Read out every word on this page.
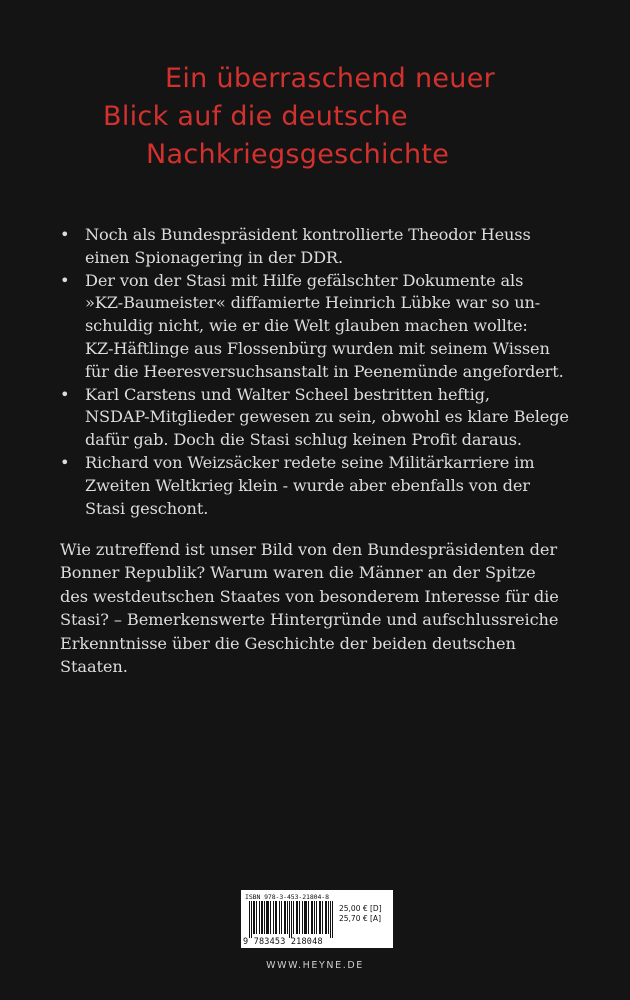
Ein überraschend neuer
Blick auf die deutsche
Nachkriegsgeschichte
• Noch als Bundespräsident kontrollierte Theodor Heuss
einen Spionagering in der DDR.
• Der von der Stasi mit Hilfe gefälschter Dokumente als
»KZ-Baumeister« diffamierte Heinrich Lübke war so un-
schuldig nicht, wie er die Welt glauben machen wollte:
KZ-Häftlinge aus Flossenbürg wurden mit seinem Wissen
für die Heeresversuchsanstalt in Peenemünde angefordert.
• Karl Carstens und Walter Scheel bestritten heftig,
NSDAP-Mitglieder gewesen zu sein, obwohl es klare Belege
dafür gab. Doch die Stasi schlug keinen Profit daraus.
• Richard von Weizsäcker redete seine Militärkarriere im
Zweiten Weltkrieg klein - wurde aber ebenfalls von der
Stasi geschont.
Wie zutreffend ist unser Bild von den Bundespräsidenten der
Bonner Republik? Warum waren die Männer an der Spitze
des westdeutschen Staates von besonderem Interesse für die
Stasi? – Bemerkenswerte Hintergründe und aufschlussreiche
Erkenntnisse über die Geschichte der beiden deutschen
Staaten.
ISBN 978-3-453-21804-8
9 783453 218048
25,00 € [D]
25,70 € [A]
WWW.HEYNE.DE
